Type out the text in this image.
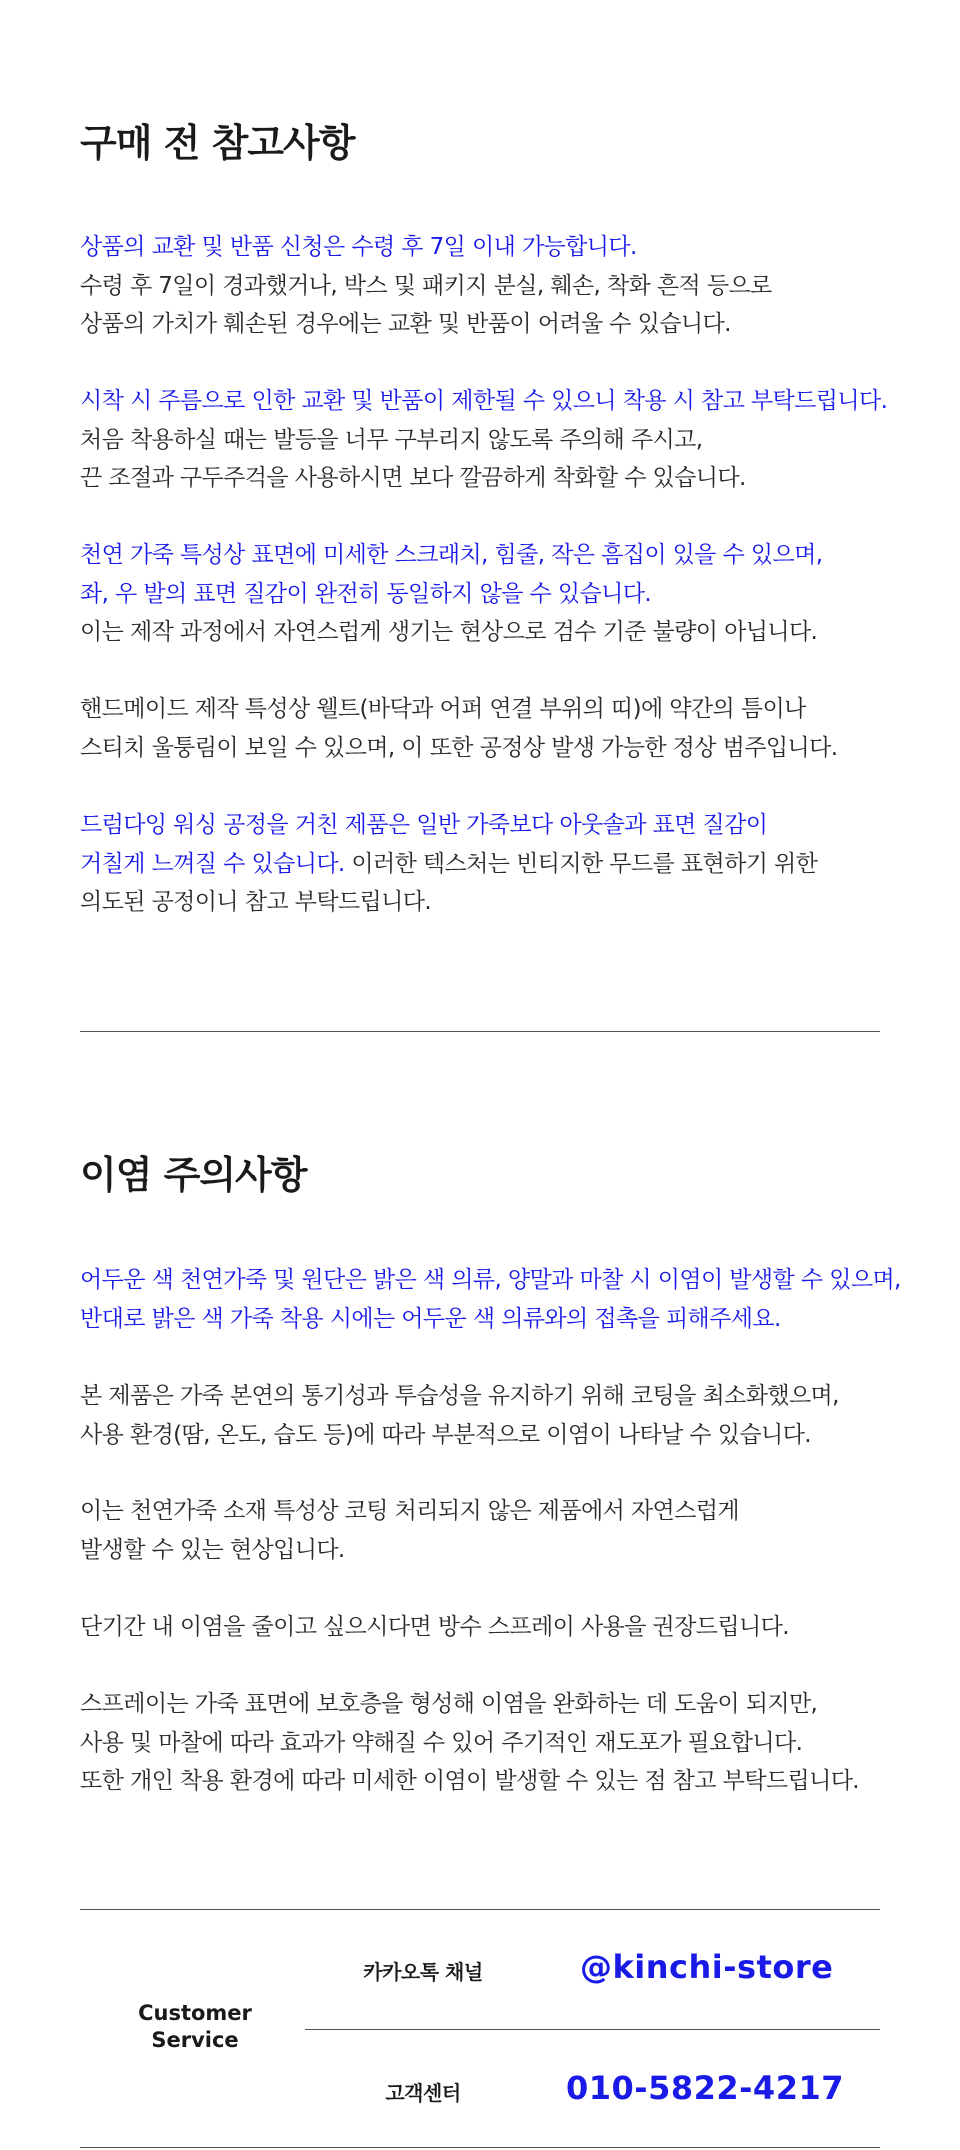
구매 전 참고사항

상품의 교환 및 반품 신청은 수령 후 7일 이내 가능합니다.
수령 후 7일이 경과했거나, 박스 및 패키지 분실, 훼손, 착화 흔적 등으로
상품의 가치가 훼손된 경우에는 교환 및 반품이 어려울 수 있습니다.

시착 시 주름으로 인한 교환 및 반품이 제한될 수 있으니 착용 시 참고 부탁드립니다.
처음 착용하실 때는 발등을 너무 구부리지 않도록 주의해 주시고,
끈 조절과 구두주걱을 사용하시면 보다 깔끔하게 착화할 수 있습니다.

천연 가죽 특성상 표면에 미세한 스크래치, 힘줄, 작은 흠집이 있을 수 있으며,
좌, 우 발의 표면 질감이 완전히 동일하지 않을 수 있습니다.
이는 제작 과정에서 자연스럽게 생기는 현상으로 검수 기준 불량이 아닙니다.

핸드메이드 제작 특성상 웰트(바닥과 어퍼 연결 부위의 띠)에 약간의 틈이나
스티치 울퉁림이 보일 수 있으며, 이 또한 공정상 발생 가능한 정상 범주입니다.

드럼다잉 워싱 공정을 거친 제품은 일반 가죽보다 아웃솔과 표면 질감이
거칠게 느껴질 수 있습니다. 이러한 텍스처는 빈티지한 무드를 표현하기 위한
의도된 공정이니 참고 부탁드립니다.

이염 주의사항

어두운 색 천연가죽 및 원단은 밝은 색 의류, 양말과 마찰 시 이염이 발생할 수 있으며,
반대로 밝은 색 가죽 착용 시에는 어두운 색 의류와의 접촉을 피해주세요.

본 제품은 가죽 본연의 통기성과 투습성을 유지하기 위해 코팅을 최소화했으며,
사용 환경(땀, 온도, 습도 등)에 따라 부분적으로 이염이 나타날 수 있습니다.

이는 천연가죽 소재 특성상 코팅 처리되지 않은 제품에서 자연스럽게
발생할 수 있는 현상입니다.

단기간 내 이염을 줄이고 싶으시다면 방수 스프레이 사용을 권장드립니다.

스프레이는 가죽 표면에 보호층을 형성해 이염을 완화하는 데 도움이 되지만,
사용 및 마찰에 따라 효과가 약해질 수 있어 주기적인 재도포가 필요합니다.
또한 개인 착용 환경에 따라 미세한 이염이 발생할 수 있는 점 참고 부탁드립니다.

Customer
Service
카카오톡 채널	@kinchi-store
고객센터	010-5822-4217
